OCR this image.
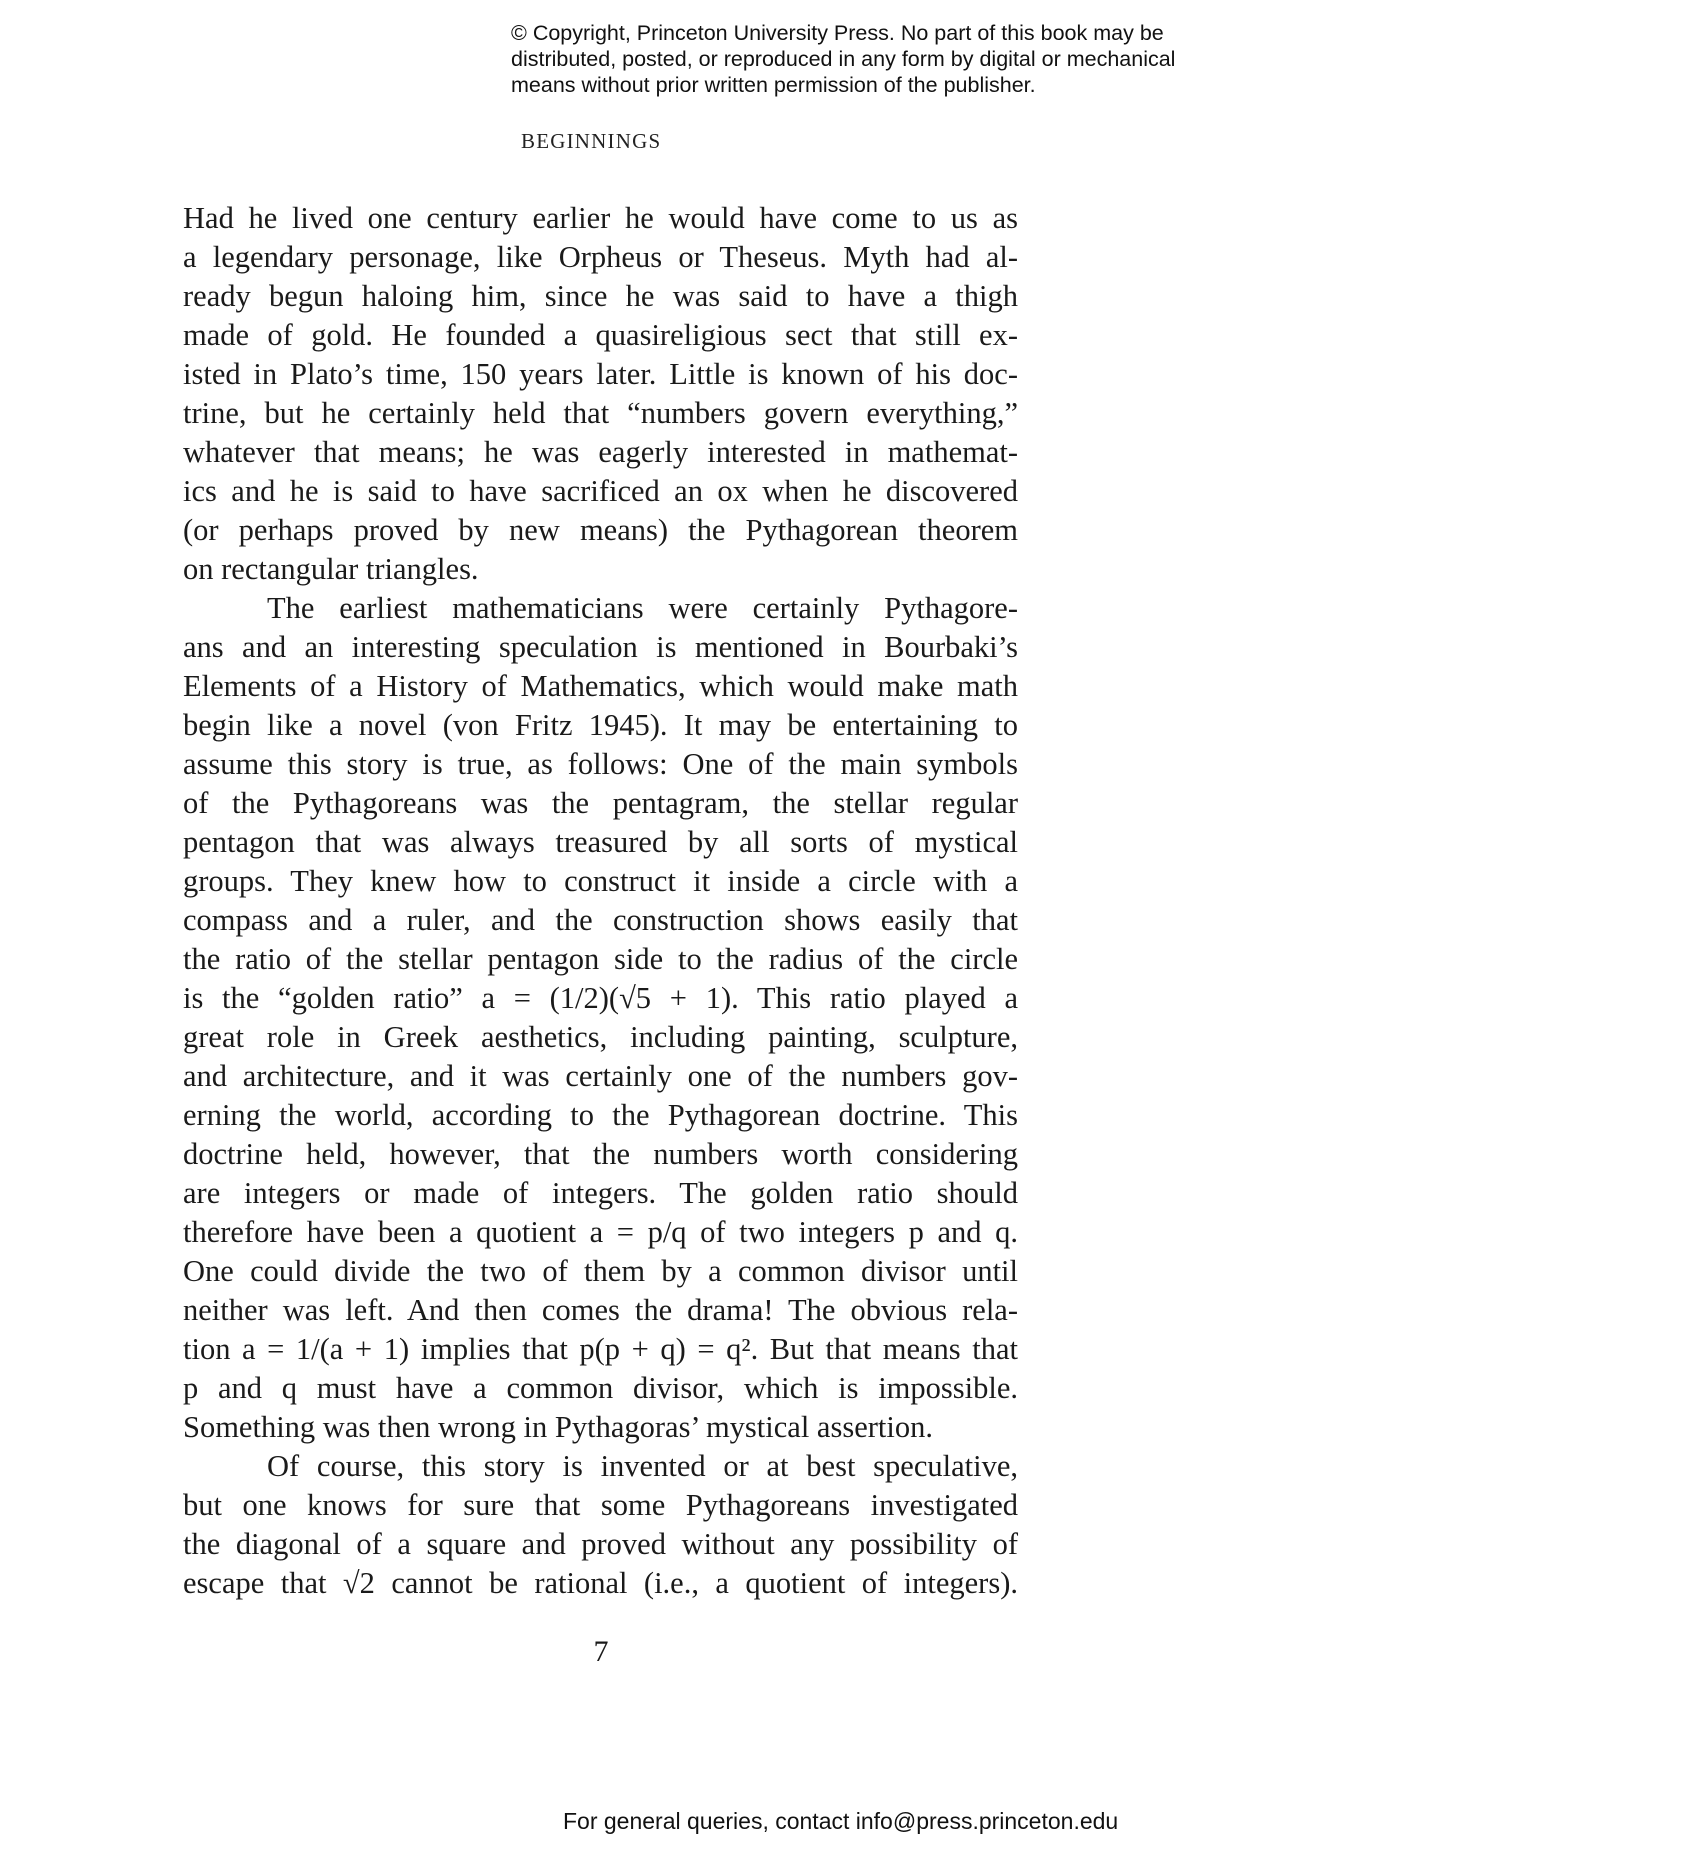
© Copyright, Princeton University Press. No part of this book may be
distributed, posted, or reproduced in any form by digital or mechanical
means without prior written permission of the publisher.
BEGINNINGS
Had he lived one century earlier he would have come to us as
a legendary personage, like Orpheus or Theseus. Myth had al-
ready begun haloing him, since he was said to have a thigh
made of gold. He founded a quasireligious sect that still ex-
isted in Plato’s time, 150 years later. Little is known of his doc-
trine, but he certainly held that “numbers govern everything,”
whatever that means; he was eagerly interested in mathemat-
ics and he is said to have sacrificed an ox when he discovered
(or perhaps proved by new means) the Pythagorean theorem
on rectangular triangles.
The earliest mathematicians were certainly Pythagore-
ans and an interesting speculation is mentioned in Bourbaki’s
Elements of a History of Mathematics, which would make math
begin like a novel (von Fritz 1945). It may be entertaining to
assume this story is true, as follows: One of the main symbols
of the Pythagoreans was the pentagram, the stellar regular
pentagon that was always treasured by all sorts of mystical
groups. They knew how to construct it inside a circle with a
compass and a ruler, and the construction shows easily that
the ratio of the stellar pentagon side to the radius of the circle
is the “golden ratio” a = (1/2)(√5 + 1). This ratio played a
great role in Greek aesthetics, including painting, sculpture,
and architecture, and it was certainly one of the numbers gov-
erning the world, according to the Pythagorean doctrine. This
doctrine held, however, that the numbers worth considering
are integers or made of integers. The golden ratio should
therefore have been a quotient a = p/q of two integers p and q.
One could divide the two of them by a common divisor until
neither was left. And then comes the drama! The obvious rela-
tion a = 1/(a + 1) implies that p(p + q) = q². But that means that
p and q must have a common divisor, which is impossible.
Something was then wrong in Pythagoras’ mystical assertion.
Of course, this story is invented or at best speculative,
but one knows for sure that some Pythagoreans investigated
the diagonal of a square and proved without any possibility of
escape that √2 cannot be rational (i.e., a quotient of integers).
7
For general queries, contact info@press.princeton.edu
